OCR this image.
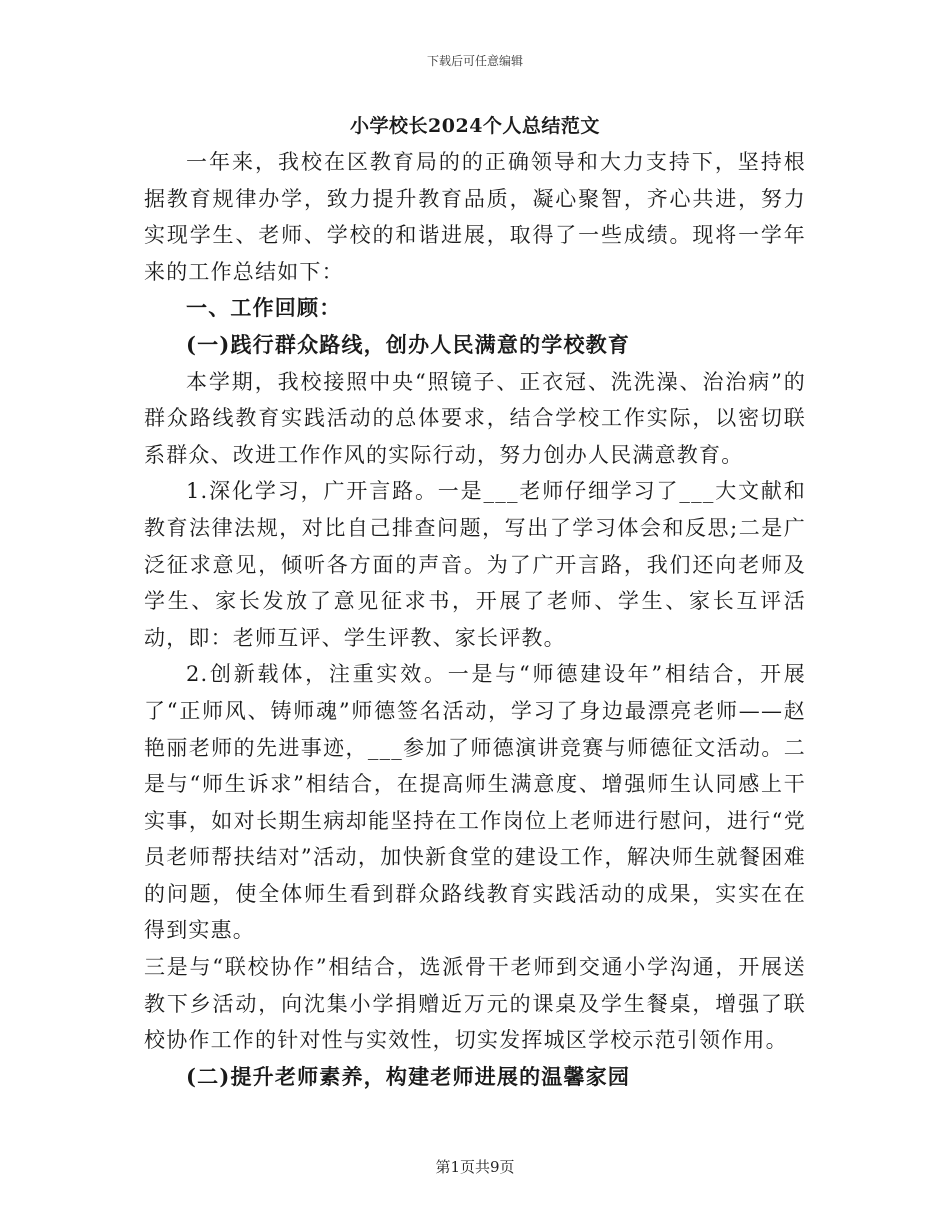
下载后可任意编辑
小学校长2024个人总结范文

一年来，我校在区教育局的的正确领导和大力支持下，坚持根据教育规律办学，致力提升教育品质，凝心聚智，齐心共进，努力实现学生、老师、学校的和谐进展，取得了一些成绩。现将一学年来的工作总结如下：

一、工作回顾：

(一)践行群众路线，创办人民满意的学校教育

本学期，我校接照中央“照镜子、正衣冠、洗洗澡、治治病”的群众路线教育实践活动的总体要求，结合学校工作实际，以密切联系群众、改进工作作风的实际行动，努力创办人民满意教育。

1.深化学习，广开言路。一是___老师仔细学习了___大文献和教育法律法规，对比自己排查问题，写出了学习体会和反思;二是广泛征求意见，倾听各方面的声音。为了广开言路，我们还向老师及学生、家长发放了意见征求书，开展了老师、学生、家长互评活动，即：老师互评、学生评教、家长评教。

2.创新载体，注重实效。一是与“师德建设年”相结合，开展了“正师风、铸师魂”师德签名活动，学习了身边最漂亮老师——赵艳丽老师的先进事迹，___参加了师德演讲竞赛与师德征文活动。二是与“师生诉求”相结合，在提高师生满意度、增强师生认同感上干实事，如对长期生病却能坚持在工作岗位上老师进行慰问，进行“党员老师帮扶结对”活动，加快新食堂的建设工作，解决师生就餐困难的问题，使全体师生看到群众路线教育实践活动的成果，实实在在得到实惠。

三是与“联校协作”相结合，选派骨干老师到交通小学沟通，开展送教下乡活动，向沈集小学捐赠近万元的课桌及学生餐桌，增强了联校协作工作的针对性与实效性，切实发挥城区学校示范引领作用。

(二)提升老师素养，构建老师进展的温馨家园

第1页共9页
